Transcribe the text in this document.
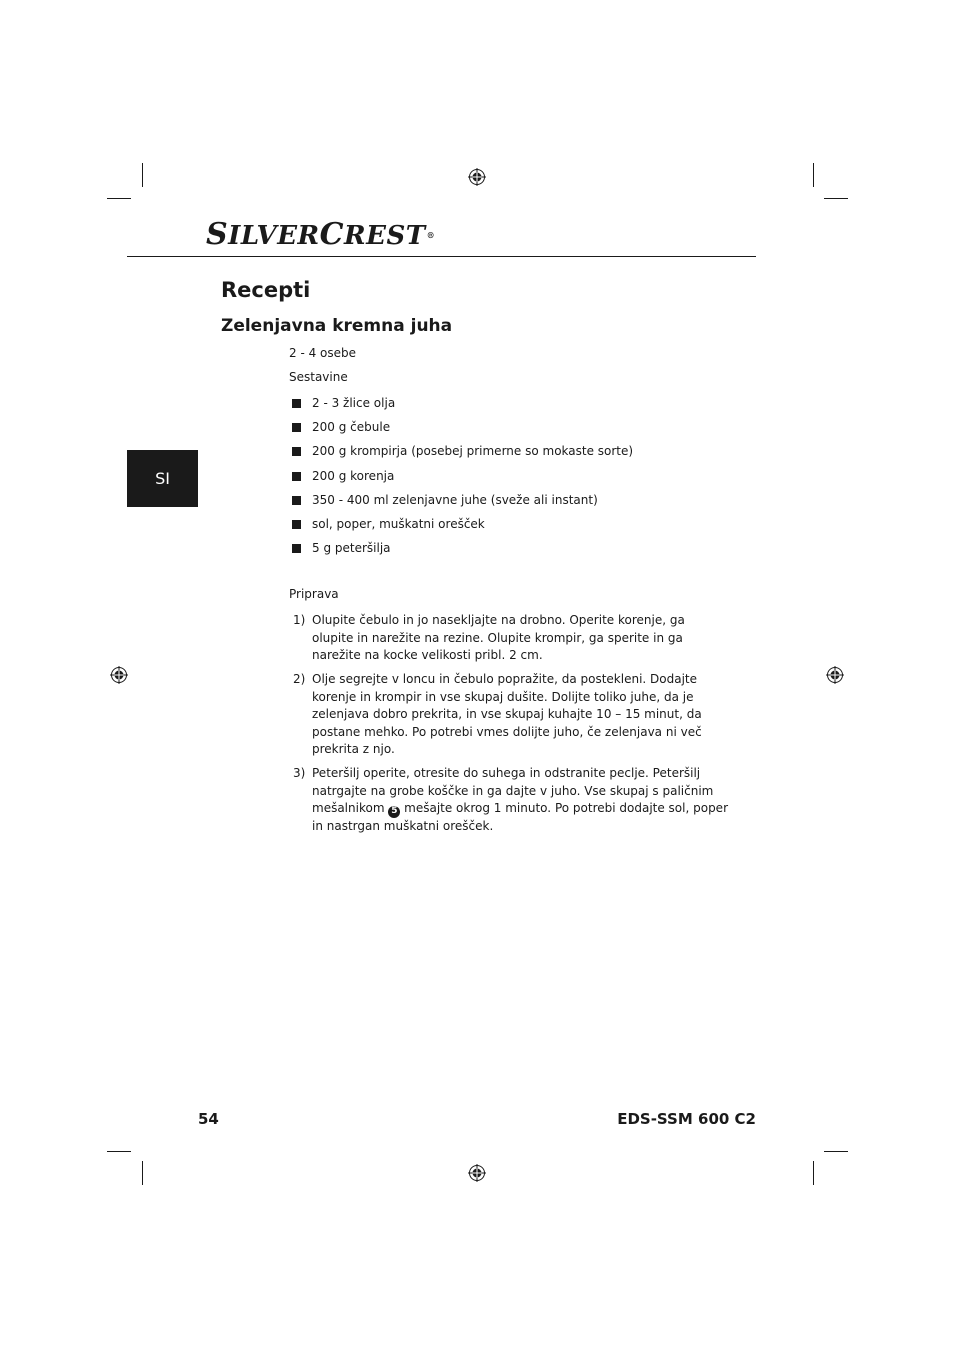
SILVERCREST®
SI
Recepti
Zelenjavna kremna juha
2 - 4 osebe
Sestavine
2 - 3 žlice olja
200 g čebule
200 g krompirja (posebej primerne so mokaste sorte)
200 g korenja
350 - 400 ml zelenjavne juhe (sveže ali instant)
sol, poper, muškatni orešček
5 g peteršilja
Priprava
1) Olupite čebulo in jo nasekljajte na drobno. Operite korenje, ga olupite in narežite na rezine. Olupite krompir, ga sperite in ga narežite na kocke velikosti pribl. 2 cm.
2) Olje segrejte v loncu in čebulo popražite, da postekleni. Dodajte korenje in krompir in vse skupaj dušite. Dolijte toliko juhe, da je zelenjava dobro prekrita, in vse skupaj kuhajte 10 – 15 minut, da postane mehko. Po potrebi vmes dolijte juho, če zelenjava ni več prekrita z njo.
3) Peteršilj operite, otresite do suhega in odstranite peclje. Peteršilj natrgajte na grobe koščke in ga dajte v juho. Vse skupaj s paličnim mešalnikom 5 mešajte okrog 1 minuto. Po potrebi dodajte sol, poper in nastrgan muškatni orešček.
54	EDS-SSM 600 C2
